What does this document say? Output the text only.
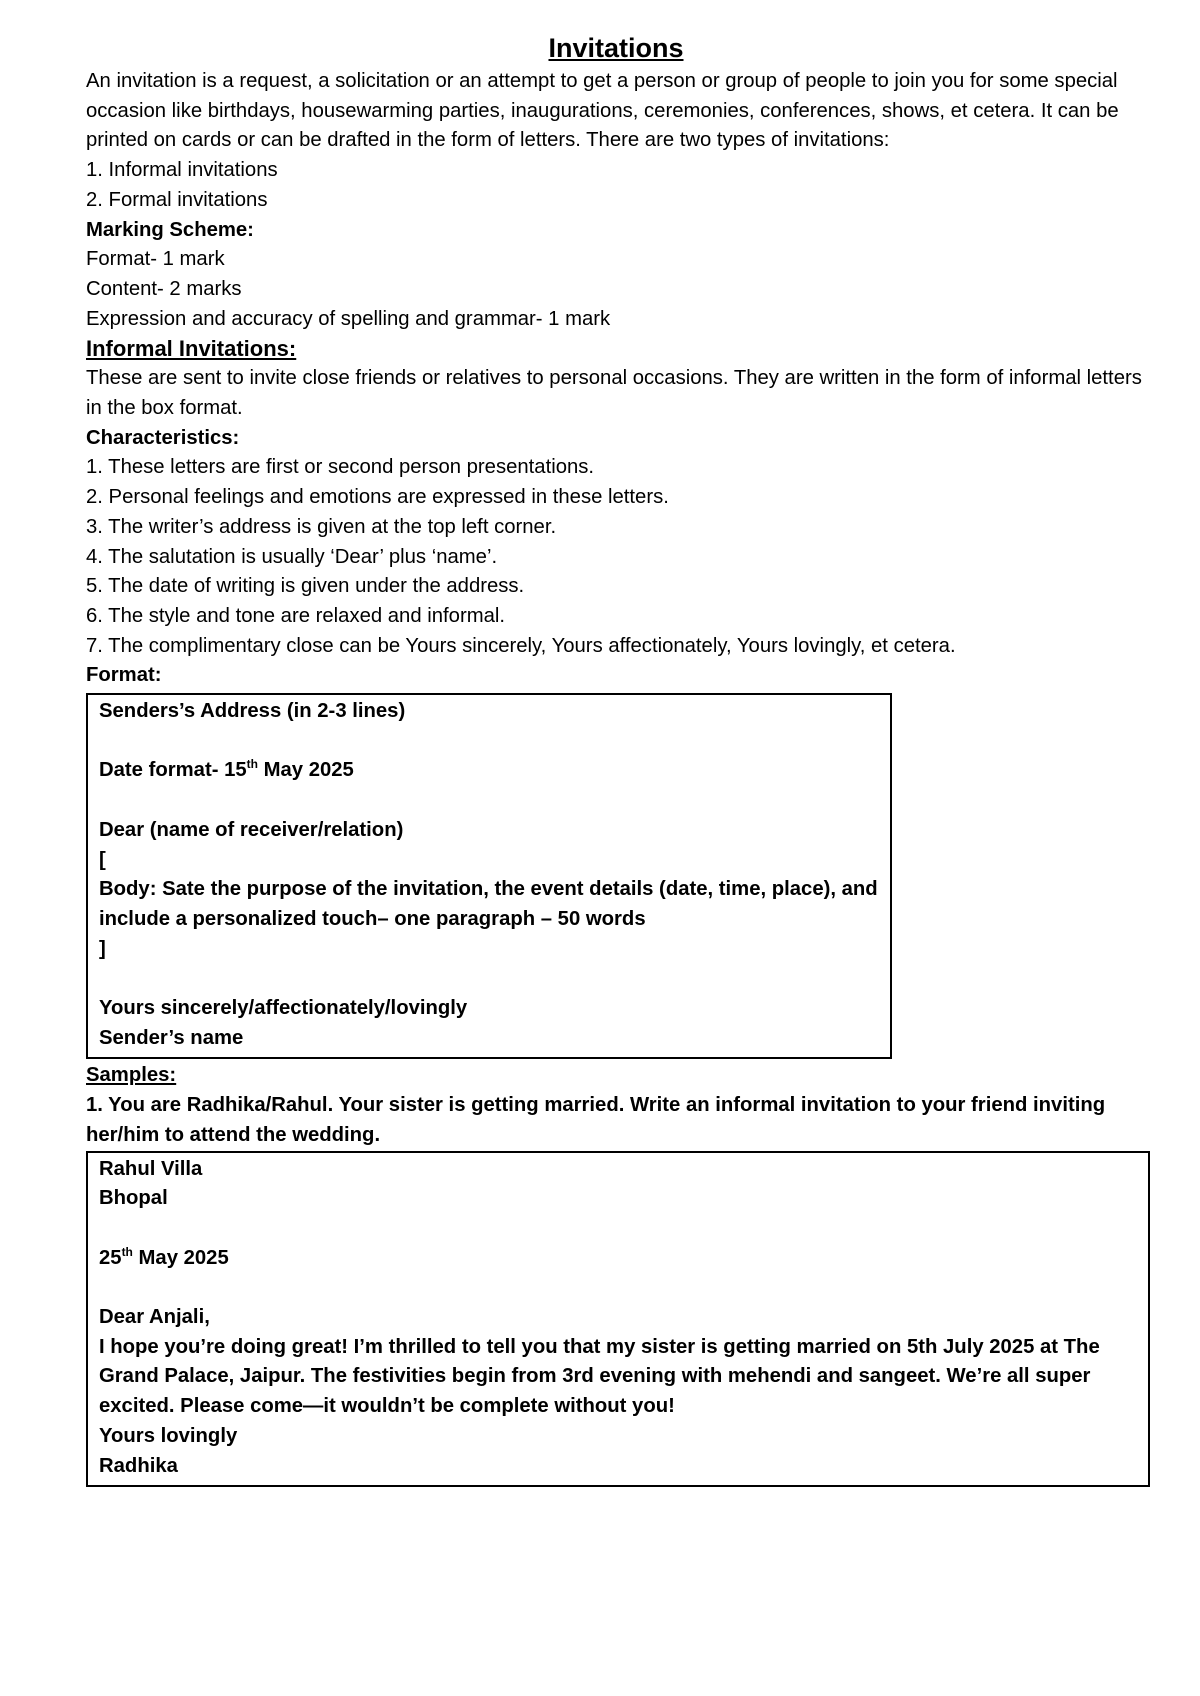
Invitations

An invitation is a request, a solicitation or an attempt to get a person or group of people to join you for some special occasion like birthdays, housewarming parties, inaugurations, ceremonies, conferences, shows, et cetera. It can be printed on cards or can be drafted in the form of letters. There are two types of invitations:

1. Informal invitations

2. Formal invitations

Marking Scheme:

Format- 1 mark

Content- 2 marks

Expression and accuracy of spelling and grammar- 1 mark

Informal Invitations:

These are sent to invite close friends or relatives to personal occasions. They are written in the form of informal letters in the box format.

Characteristics:

1. These letters are first or second person presentations.

2. Personal feelings and emotions are expressed in these letters.

3. The writer’s address is given at the top left corner.

4. The salutation is usually ‘Dear’ plus ‘name’.

5. The date of writing is given under the address.

6. The style and tone are relaxed and informal.

7. The complimentary close can be Yours sincerely, Yours affectionately, Yours lovingly, et cetera.

Format:

Senders’s Address (in 2-3 lines)

Date format- 15th May 2025

Dear (name of receiver/relation)

[

Body: Sate the purpose of the invitation, the event details (date, time, place), and include a personalized touch– one paragraph – 50 words

]

Yours sincerely/affectionately/lovingly

Sender’s name

Samples:

1. You are Radhika/Rahul. Your sister is getting married. Write an informal invitation to your friend inviting her/him to attend the wedding.

Rahul Villa

Bhopal

25th May 2025

Dear Anjali,

I hope you’re doing great! I’m thrilled to tell you that my sister is getting married on 5th July 2025 at The Grand Palace, Jaipur. The festivities begin from 3rd evening with mehendi and sangeet. We’re all super excited. Please come—it wouldn’t be complete without you!

Yours lovingly

Radhika
